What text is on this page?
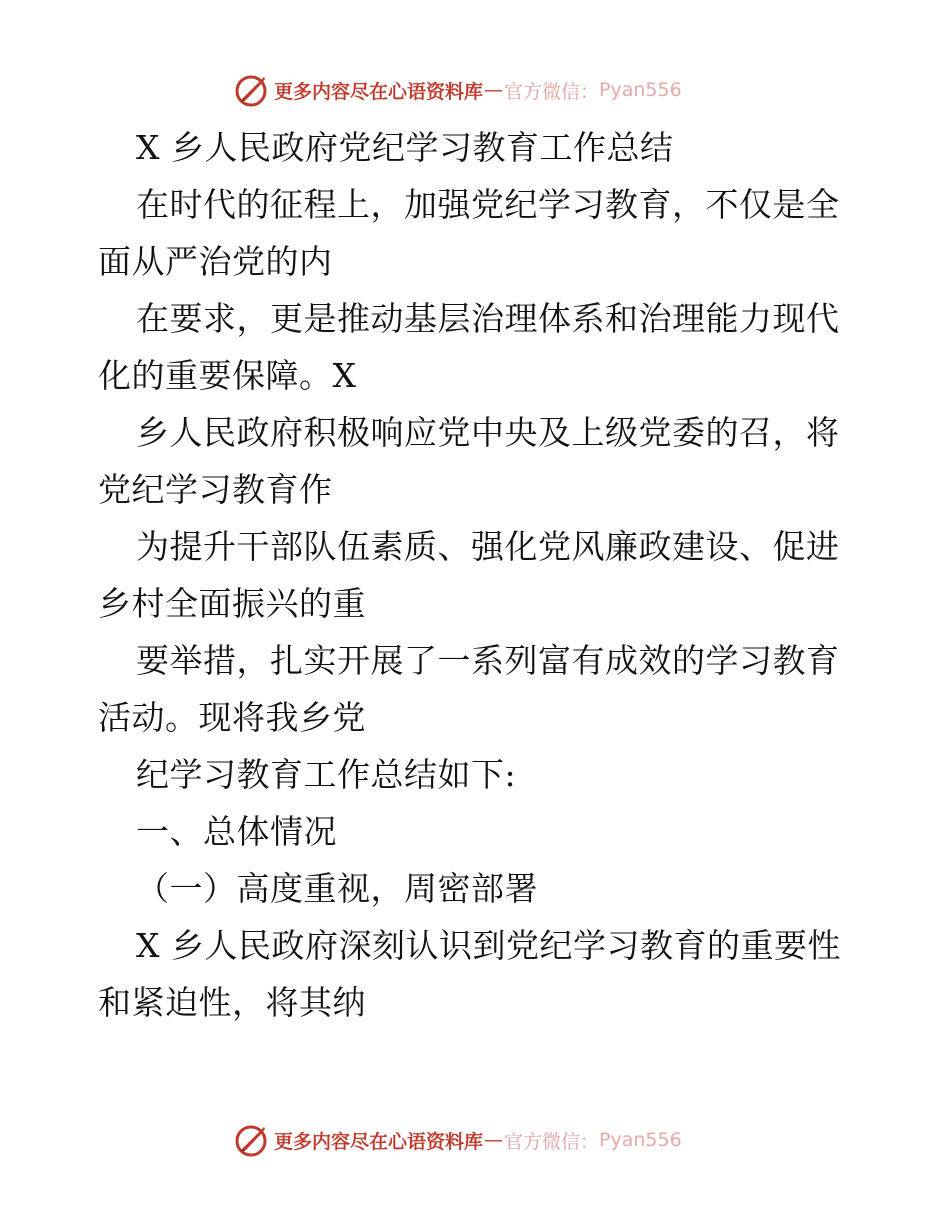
更多内容尽在心语资料库 — 官方微信： Pyan556
X 乡人民政府党纪学习教育工作总结
在时代的征程上，加强党纪学习教育，不仅是全
面从严治党的内
在要求，更是推动基层治理体系和治理能力现代
化的重要保障。X
乡人民政府积极响应党中央及上级党委的召，将
党纪学习教育作
为提升干部队伍素质、强化党风廉政建设、促进
乡村全面振兴的重
要举措，扎实开展了一系列富有成效的学习教育
活动。现将我乡党
纪学习教育工作总结如下:
一、总体情况
（一）高度重视，周密部署
X 乡人民政府深刻认识到党纪学习教育的重要性
和紧迫性，将其纳
更多内容尽在心语资料库 — 官方微信： Pyan556
